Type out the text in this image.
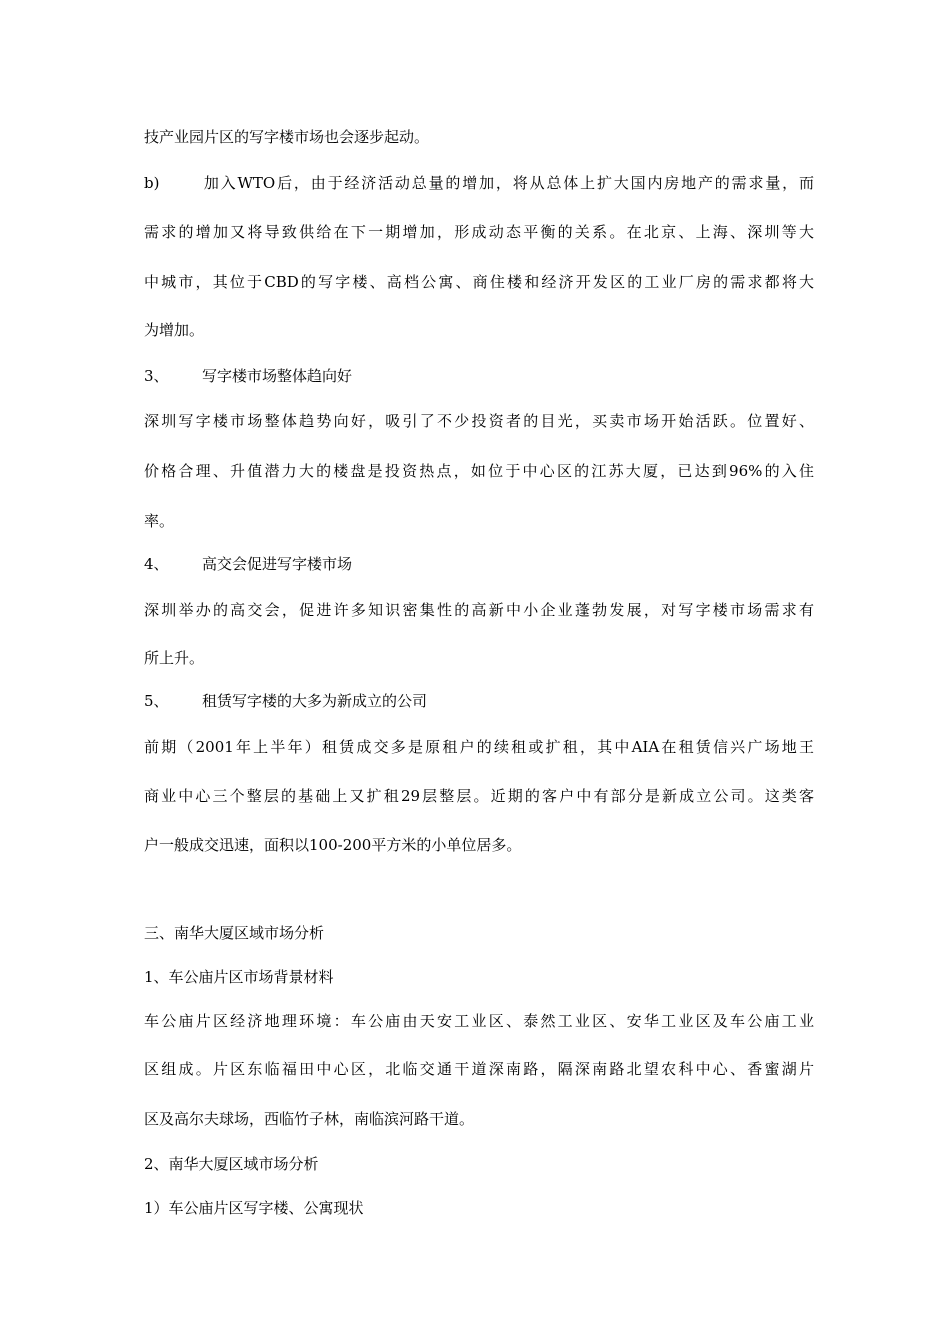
技产业园片区的写字楼市场也会逐步起动。

b)	加入WTO后，由于经济活动总量的增加，将从总体上扩大国内房地产的需求量，而

需求的增加又将导致供给在下一期增加，形成动态平衡的关系。在北京、上海、深圳等大

中城市，其位于CBD的写字楼、高档公寓、商住楼和经济开发区的工业厂房的需求都将大

为增加。

3、 写字楼市场整体趋向好

深圳写字楼市场整体趋势向好，吸引了不少投资者的目光，买卖市场开始活跃。位置好、

价格合理、升值潜力大的楼盘是投资热点，如位于中心区的江苏大厦，已达到96%的入住

率。

4、 高交会促进写字楼市场

深圳举办的高交会，促进许多知识密集性的高新中小企业蓬勃发展，对写字楼市场需求有

所上升。

5、 租赁写字楼的大多为新成立的公司

前期（2001年上半年）租赁成交多是原租户的续租或扩租，其中AIA在租赁信兴广场地王

商业中心三个整层的基础上又扩租29层整层。近期的客户中有部分是新成立公司。这类客

户一般成交迅速，面积以100-200平方米的小单位居多。

三、南华大厦区域市场分析

1、车公庙片区市场背景材料

车公庙片区经济地理环境：车公庙由天安工业区、泰然工业区、安华工业区及车公庙工业

区组成。片区东临福田中心区，北临交通干道深南路，隔深南路北望农科中心、香蜜湖片

区及高尔夫球场，西临竹子林，南临滨河路干道。

2、南华大厦区域市场分析

1）车公庙片区写字楼、公寓现状
